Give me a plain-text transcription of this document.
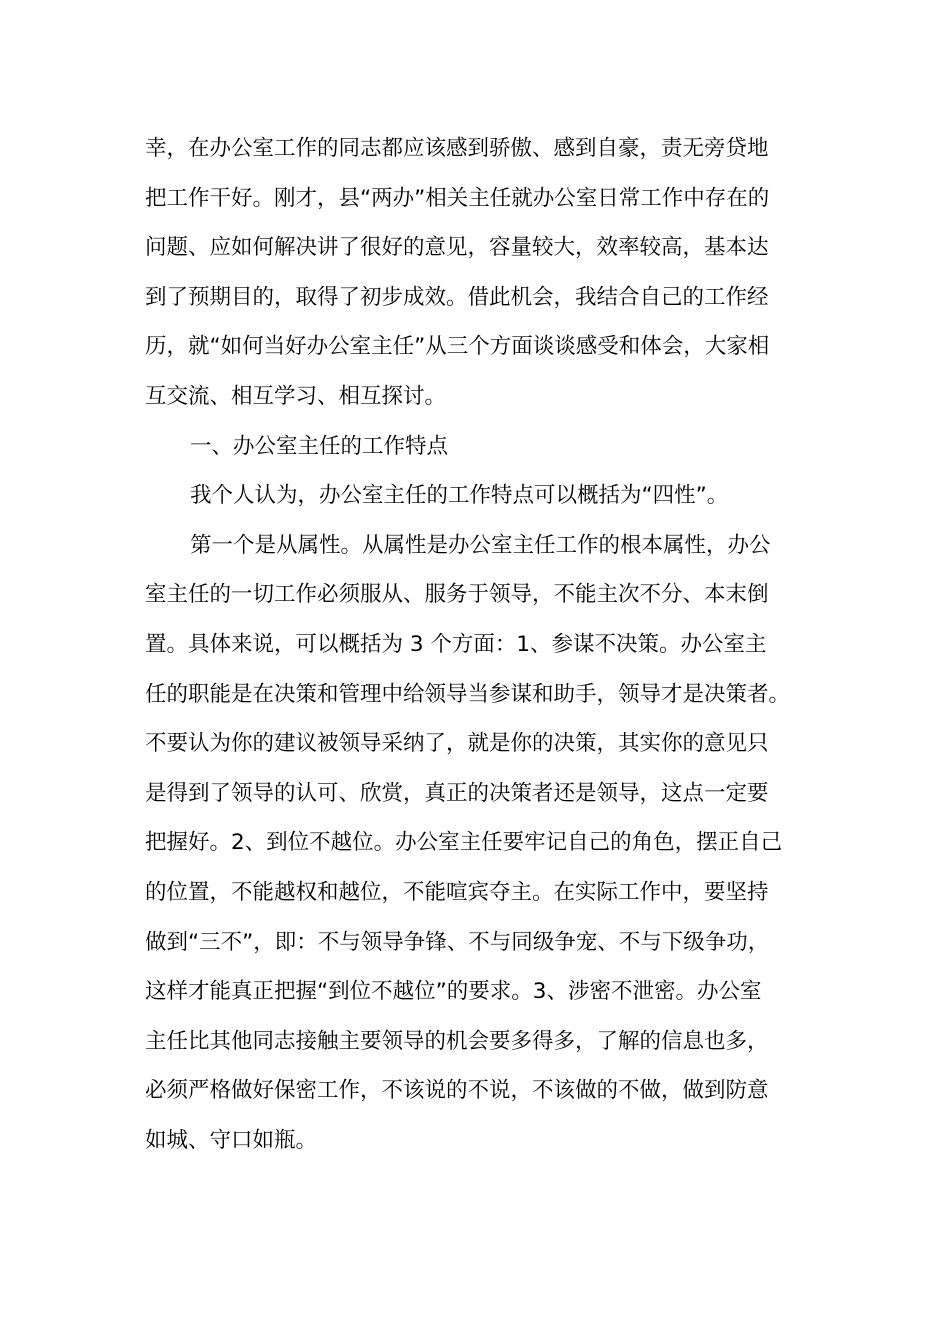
幸，在办公室工作的同志都应该感到骄傲、感到自豪，责无旁贷地
把工作干好。刚才，县“两办”相关主任就办公室日常工作中存在的
问题、应如何解决讲了很好的意见，容量较大，效率较高，基本达
到了预期目的，取得了初步成效。借此机会，我结合自己的工作经
历，就“如何当好办公室主任”从三个方面谈谈感受和体会，大家相
互交流、相互学习、相互探讨。
一、办公室主任的工作特点
我个人认为，办公室主任的工作特点可以概括为“四性”。
第一个是从属性。从属性是办公室主任工作的根本属性，办公
室主任的一切工作必须服从、服务于领导，不能主次不分、本末倒
置。具体来说，可以概括为 3 个方面：1、参谋不决策。办公室主
任的职能是在决策和管理中给领导当参谋和助手，领导才是决策者。
不要认为你的建议被领导采纳了，就是你的决策，其实你的意见只
是得到了领导的认可、欣赏，真正的决策者还是领导，这点一定要
把握好。2、到位不越位。办公室主任要牢记自己的角色，摆正自己
的位置，不能越权和越位，不能喧宾夺主。在实际工作中，要坚持
做到“三不”，即：不与领导争锋、不与同级争宠、不与下级争功，
这样才能真正把握“到位不越位”的要求。3、涉密不泄密。办公室
主任比其他同志接触主要领导的机会要多得多，了解的信息也多，
必须严格做好保密工作，不该说的不说，不该做的不做，做到防意
如城、守口如瓶。
